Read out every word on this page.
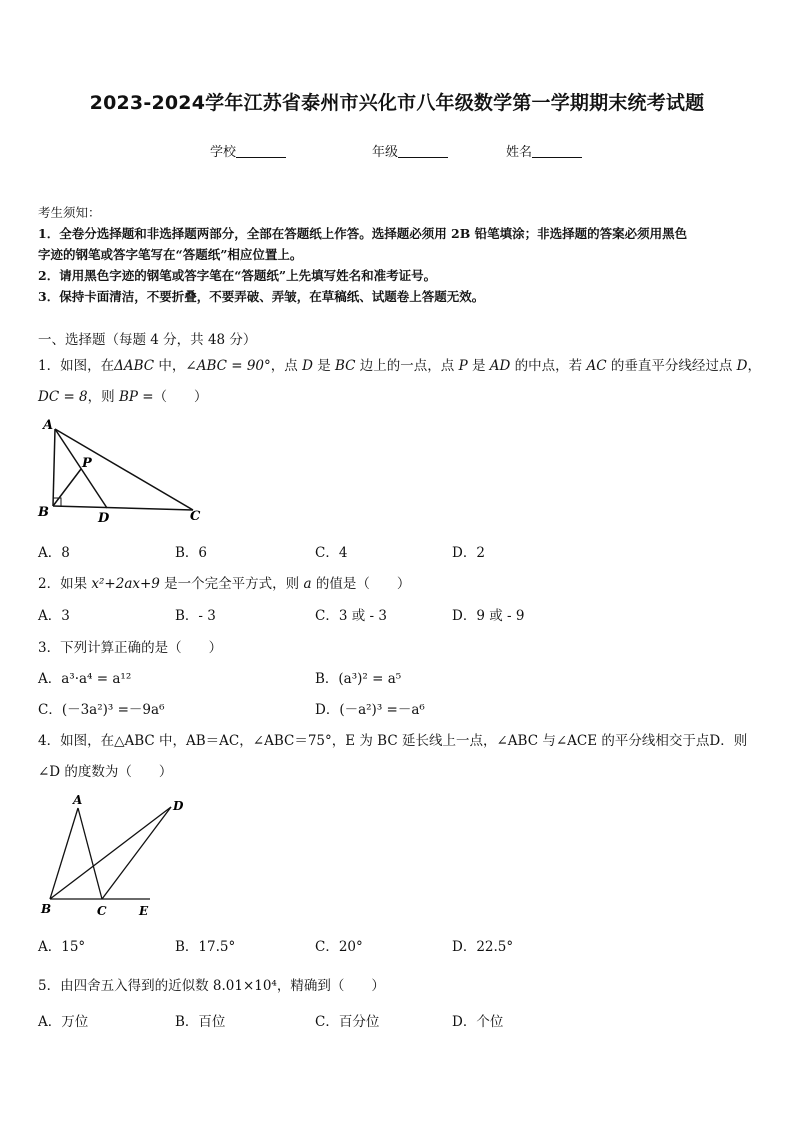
2023-2024学年江苏省泰州市兴化市八年级数学第一学期期末统考试题
学校	年级	姓名
考生须知：
1．全卷分选择题和非选择题两部分，全部在答题纸上作答。选择题必须用 2B 铅笔填涂；非选择题的答案必须用黑色
字迹的钢笔或答字笔写在“答题纸”相应位置上。
2．请用黑色字迹的钢笔或答字笔在“答题纸”上先填写姓名和准考证号。
3．保持卡面清洁，不要折叠，不要弄破、弄皱，在草稿纸、试题卷上答题无效。
一、选择题（每题 4 分，共 48 分）
1．如图，在ΔABC 中，∠ABC = 90°，点 D 是 BC 边上的一点，点 P 是 AD 的中点，若 AC 的垂直平分线经过点 D，
DC = 8，则 BP =（　　）
A
P
B	D	C
A．8	B．6	C．4	D．2
2．如果 x²+2ax+9 是一个完全平方式，则 a 的值是（　　）
A．3	B．- 3	C．3 或 - 3	D．9 或 - 9
3．下列计算正确的是（　　）
A．a³·a⁴ = a¹²	B．(a³)² = a⁵
C．(－3a²)³ =－9a⁶	D．(－a²)³ =－a⁶
4．如图，在△ABC 中，AB＝AC，∠ABC＝75°，E 为 BC 延长线上一点，∠ABC 与∠ACE 的平分线相交于点D．则
∠D 的度数为（　　）
A	D
B	C	E
A．15°	B．17.5°	C．20°	D．22.5°
5．由四舍五入得到的近似数 8.01×10⁴，精确到（　　）
A．万位	B．百位	C．百分位	D．个位
